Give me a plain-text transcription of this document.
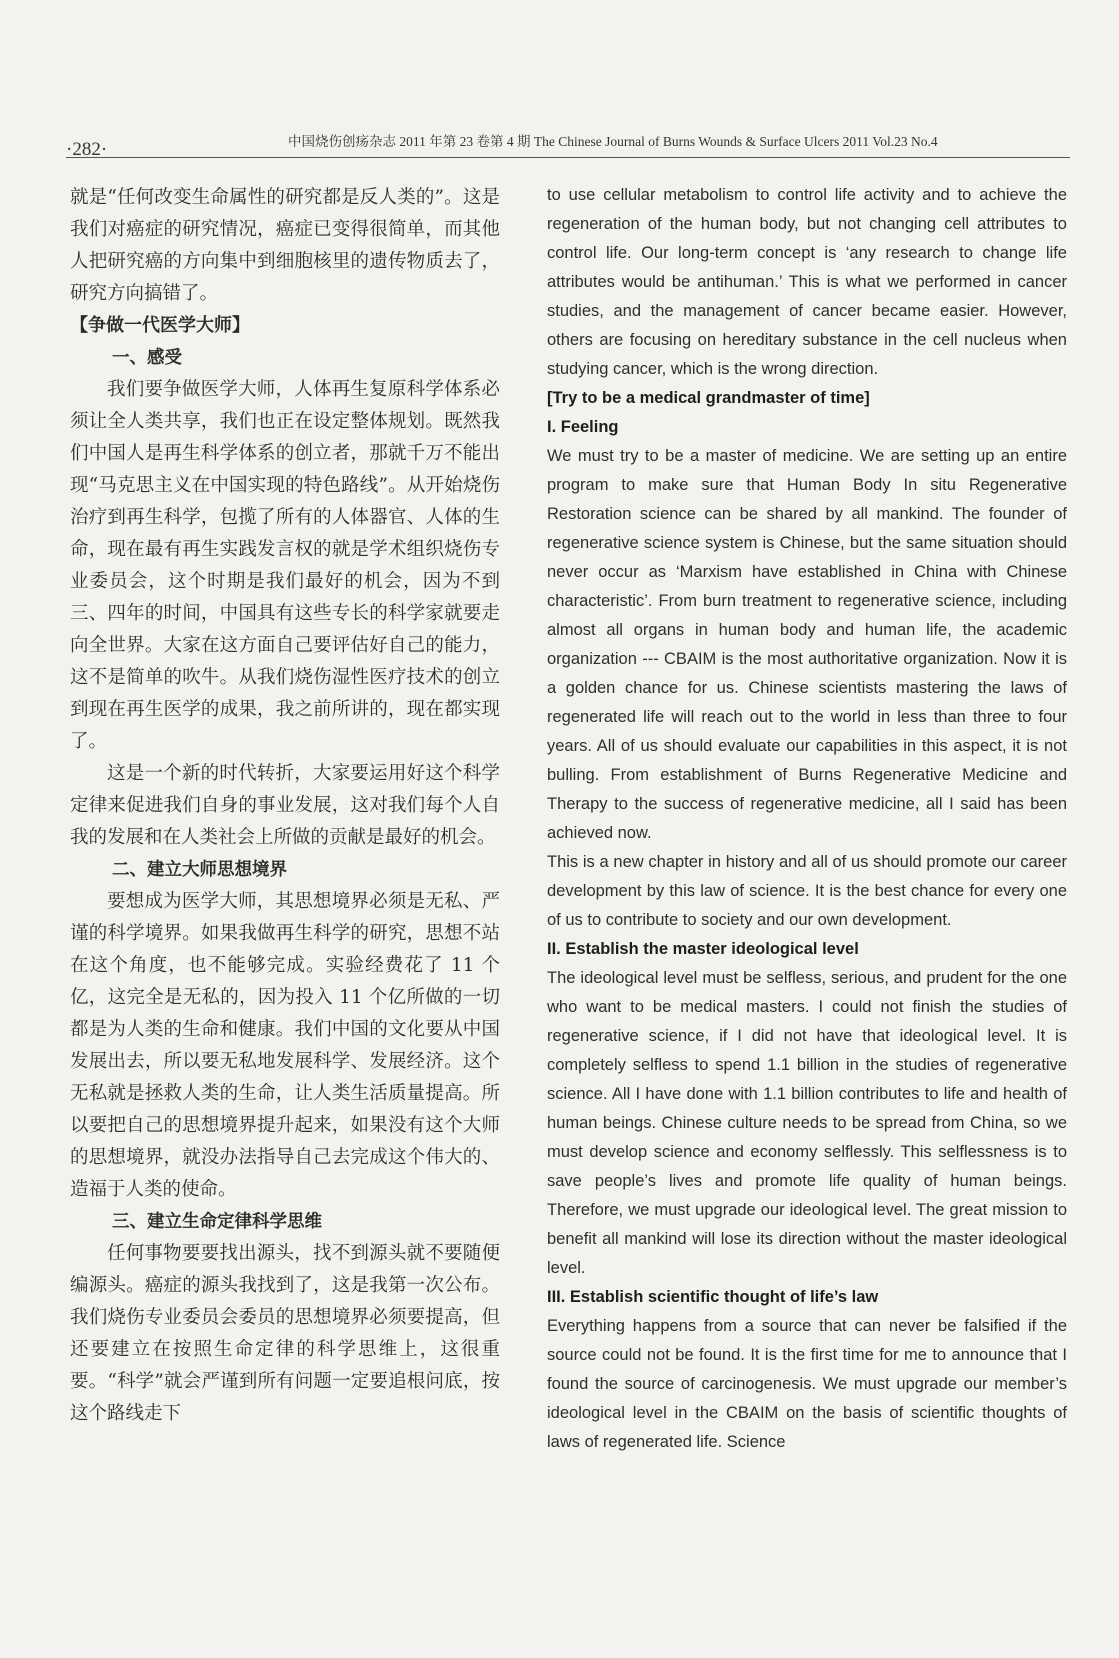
·282·	中国烧伤创疡杂志 2011 年第 23 卷第 4 期 The Chinese Journal of Burns Wounds & Surface Ulcers 2011 Vol.23 No.4

就是“任何改变生命属性的研究都是反人类的”。这是我们对癌症的研究情况，癌症已变得很简单，而其他人把研究癌的方向集中到细胞核里的遗传物质去了，研究方向搞错了。

【争做一代医学大师】
一、感受

我们要争做医学大师，人体再生复原科学体系必须让全人类共享，我们也正在设定整体规划。既然我们中国人是再生科学体系的创立者，那就千万不能出现“马克思主义在中国实现的特色路线”。从开始烧伤治疗到再生科学，包揽了所有的人体器官、人体的生命，现在最有再生实践发言权的就是学术组织烧伤专业委员会，这个时期是我们最好的机会，因为不到三、四年的时间，中国具有这些专长的科学家就要走向全世界。大家在这方面自己要评估好自己的能力，这不是简单的吹牛。从我们烧伤湿性医疗技术的创立到现在再生医学的成果，我之前所讲的，现在都实现了。

这是一个新的时代转折，大家要运用好这个科学定律来促进我们自身的事业发展，这对我们每个人自我的发展和在人类社会上所做的贡献是最好的机会。

二、建立大师思想境界

要想成为医学大师，其思想境界必须是无私、严谨的科学境界。如果我做再生科学的研究，思想不站在这个角度，也不能够完成。实验经费花了 11 个亿，这完全是无私的，因为投入 11 个亿所做的一切都是为人类的生命和健康。我们中国的文化要从中国发展出去，所以要无私地发展科学、发展经济。这个无私就是拯救人类的生命，让人类生活质量提高。所以要把自己的思想境界提升起来，如果没有这个大师的思想境界，就没办法指导自己去完成这个伟大的、造福于人类的使命。

三、建立生命定律科学思维

任何事物要要找出源头，找不到源头就不要随便编源头。癌症的源头我找到了，这是我第一次公布。我们烧伤专业委员会委员的思想境界必须要提高，但还要建立在按照生命定律的科学思维上，这很重要。“科学”就会严谨到所有问题一定要追根问底，按这个路线走下

to use cellular metabolism to control life activity and to achieve the regeneration of the human body, but not changing cell attributes to control life. Our long-term concept is ‘any research to change life attributes would be antihuman.’ This is what we performed in cancer studies, and the management of cancer became easier. However, others are focusing on hereditary substance in the cell nucleus when studying cancer, which is the wrong direction.

[Try to be a medical grandmaster of time]
I. Feeling

We must try to be a master of medicine. We are setting up an entire program to make sure that Human Body In situ Regenerative Restoration science can be shared by all mankind. The founder of regenerative science system is Chinese, but the same situation should never occur as ‘Marxism have established in China with Chinese characteristic’. From burn treatment to regenerative science, including almost all organs in human body and human life, the academic organization --- CBAIM is the most authoritative organization. Now it is a golden chance for us. Chinese scientists mastering the laws of regenerated life will reach out to the world in less than three to four years. All of us should evaluate our capabilities in this aspect, it is not bulling. From establishment of Burns Regenerative Medicine and Therapy to the success of regenerative medicine, all I said has been achieved now.

This is a new chapter in history and all of us should promote our career development by this law of science. It is the best chance for every one of us to contribute to society and our own development.

II. Establish the master ideological level

The ideological level must be selfless, serious, and prudent for the one who want to be medical masters. I could not finish the studies of regenerative science, if I did not have that ideological level. It is completely selfless to spend 1.1 billion in the studies of regenerative science. All I have done with 1.1 billion contributes to life and health of human beings. Chinese culture needs to be spread from China, so we must develop science and economy selflessly. This selflessness is to save people’s lives and promote life quality of human beings. Therefore, we must upgrade our ideological level. The great mission to benefit all mankind will lose its direction without the master ideological level.

III. Establish scientific thought of life’s law

Everything happens from a source that can never be falsified if the source could not be found. It is the first time for me to announce that I found the source of carcinogenesis. We must upgrade our member’s ideological level in the CBAIM on the basis of scientific thoughts of laws of regenerated life. Science
